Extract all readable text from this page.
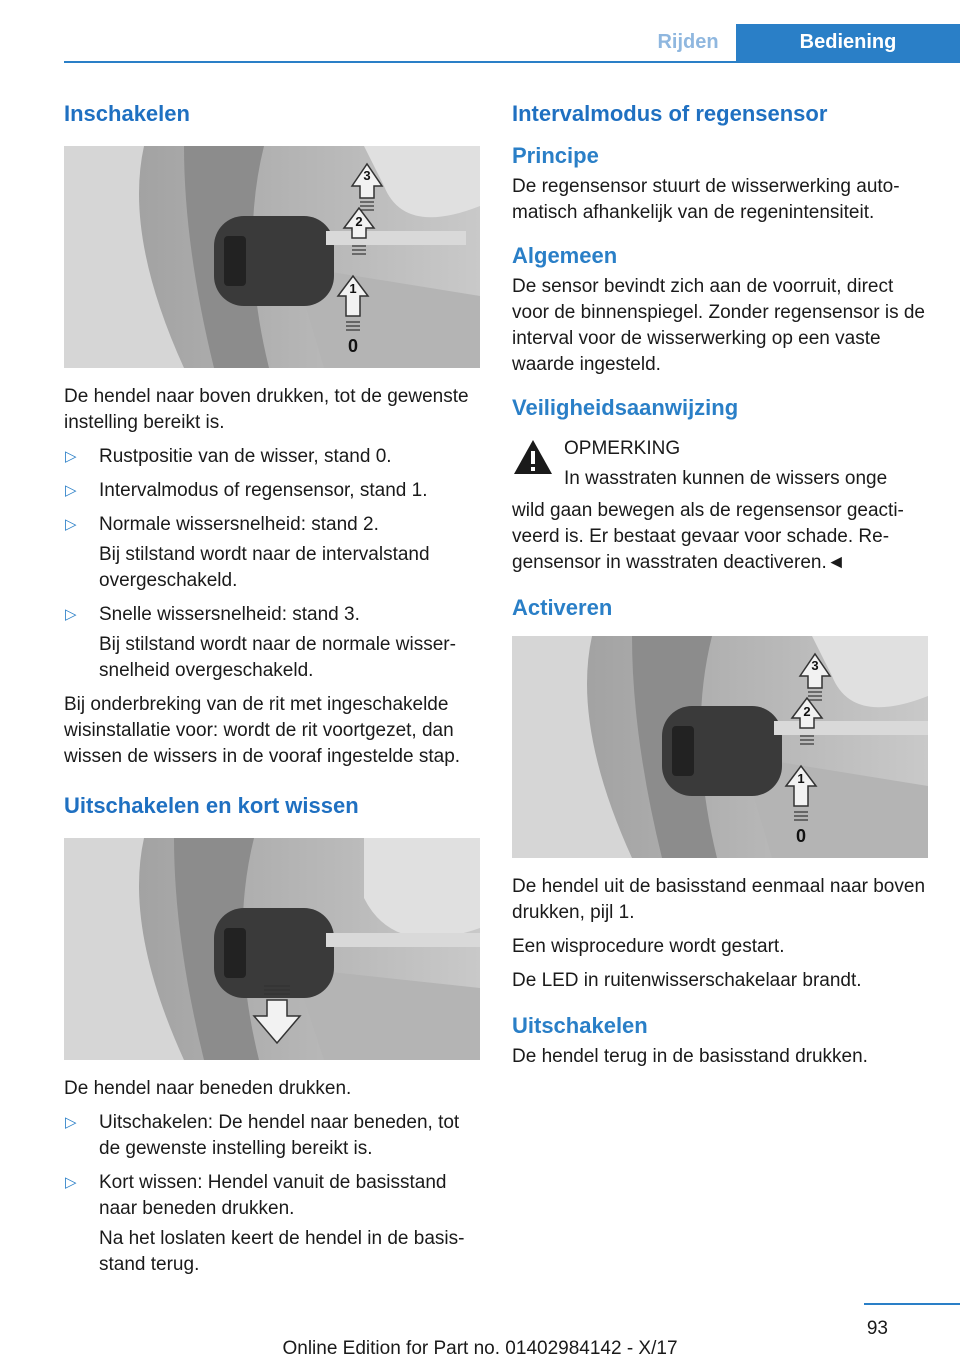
Rijden	Bediening
Inschakelen
3
2
1
0

De hendel naar boven drukken, tot de gewenste instelling bereikt is.

▷ Rustpositie van de wisser, stand 0.
▷ Intervalmodus of regensensor, stand 1.
▷ Normale wissersnelheid: stand 2.
Bij stilstand wordt naar de intervalstand overgeschakeld.
▷ Snelle wissersnelheid: stand 3.
Bij stilstand wordt naar de normale wissersnelheid overgeschakeld.

Bij onderbreking van de rit met ingeschakelde wisinstallatie voor: wordt de rit voortgezet, dan wissen de wissers in de vooraf ingestelde stap.

Uitschakelen en kort wissen

De hendel naar beneden drukken.

▷ Uitschakelen: De hendel naar beneden, tot de gewenste instelling bereikt is.
▷ Kort wissen: Hendel vanuit de basisstand naar beneden drukken.
Na het loslaten keert de hendel in de basisstand terug.
Intervalmodus of regensensor
Principe

De regensensor stuurt de wisserwerking automatisch afhankelijk van de regenintensiteit.

Algemeen

De sensor bevindt zich aan de voorruit, direct voor de binnenspiegel. Zonder regensensor is de interval voor de wisserwerking op een vaste waarde ingesteld.

Veiligheidsaanwijzing
OPMERKING
In wasstraten kunnen de wissers onge

wild gaan bewegen als de regensensor geactiveerd is. Er bestaat gevaar voor schade. Regensensor in wasstraten deactiveren.◄

Activeren
3
2
1
0

De hendel uit de basisstand eenmaal naar boven drukken, pijl 1.

Een wisprocedure wordt gestart.

De LED in ruitenwisserschakelaar brandt.

Uitschakelen

De hendel terug in de basisstand drukken.

93
Online Edition for Part no. 01402984142 - X/17
